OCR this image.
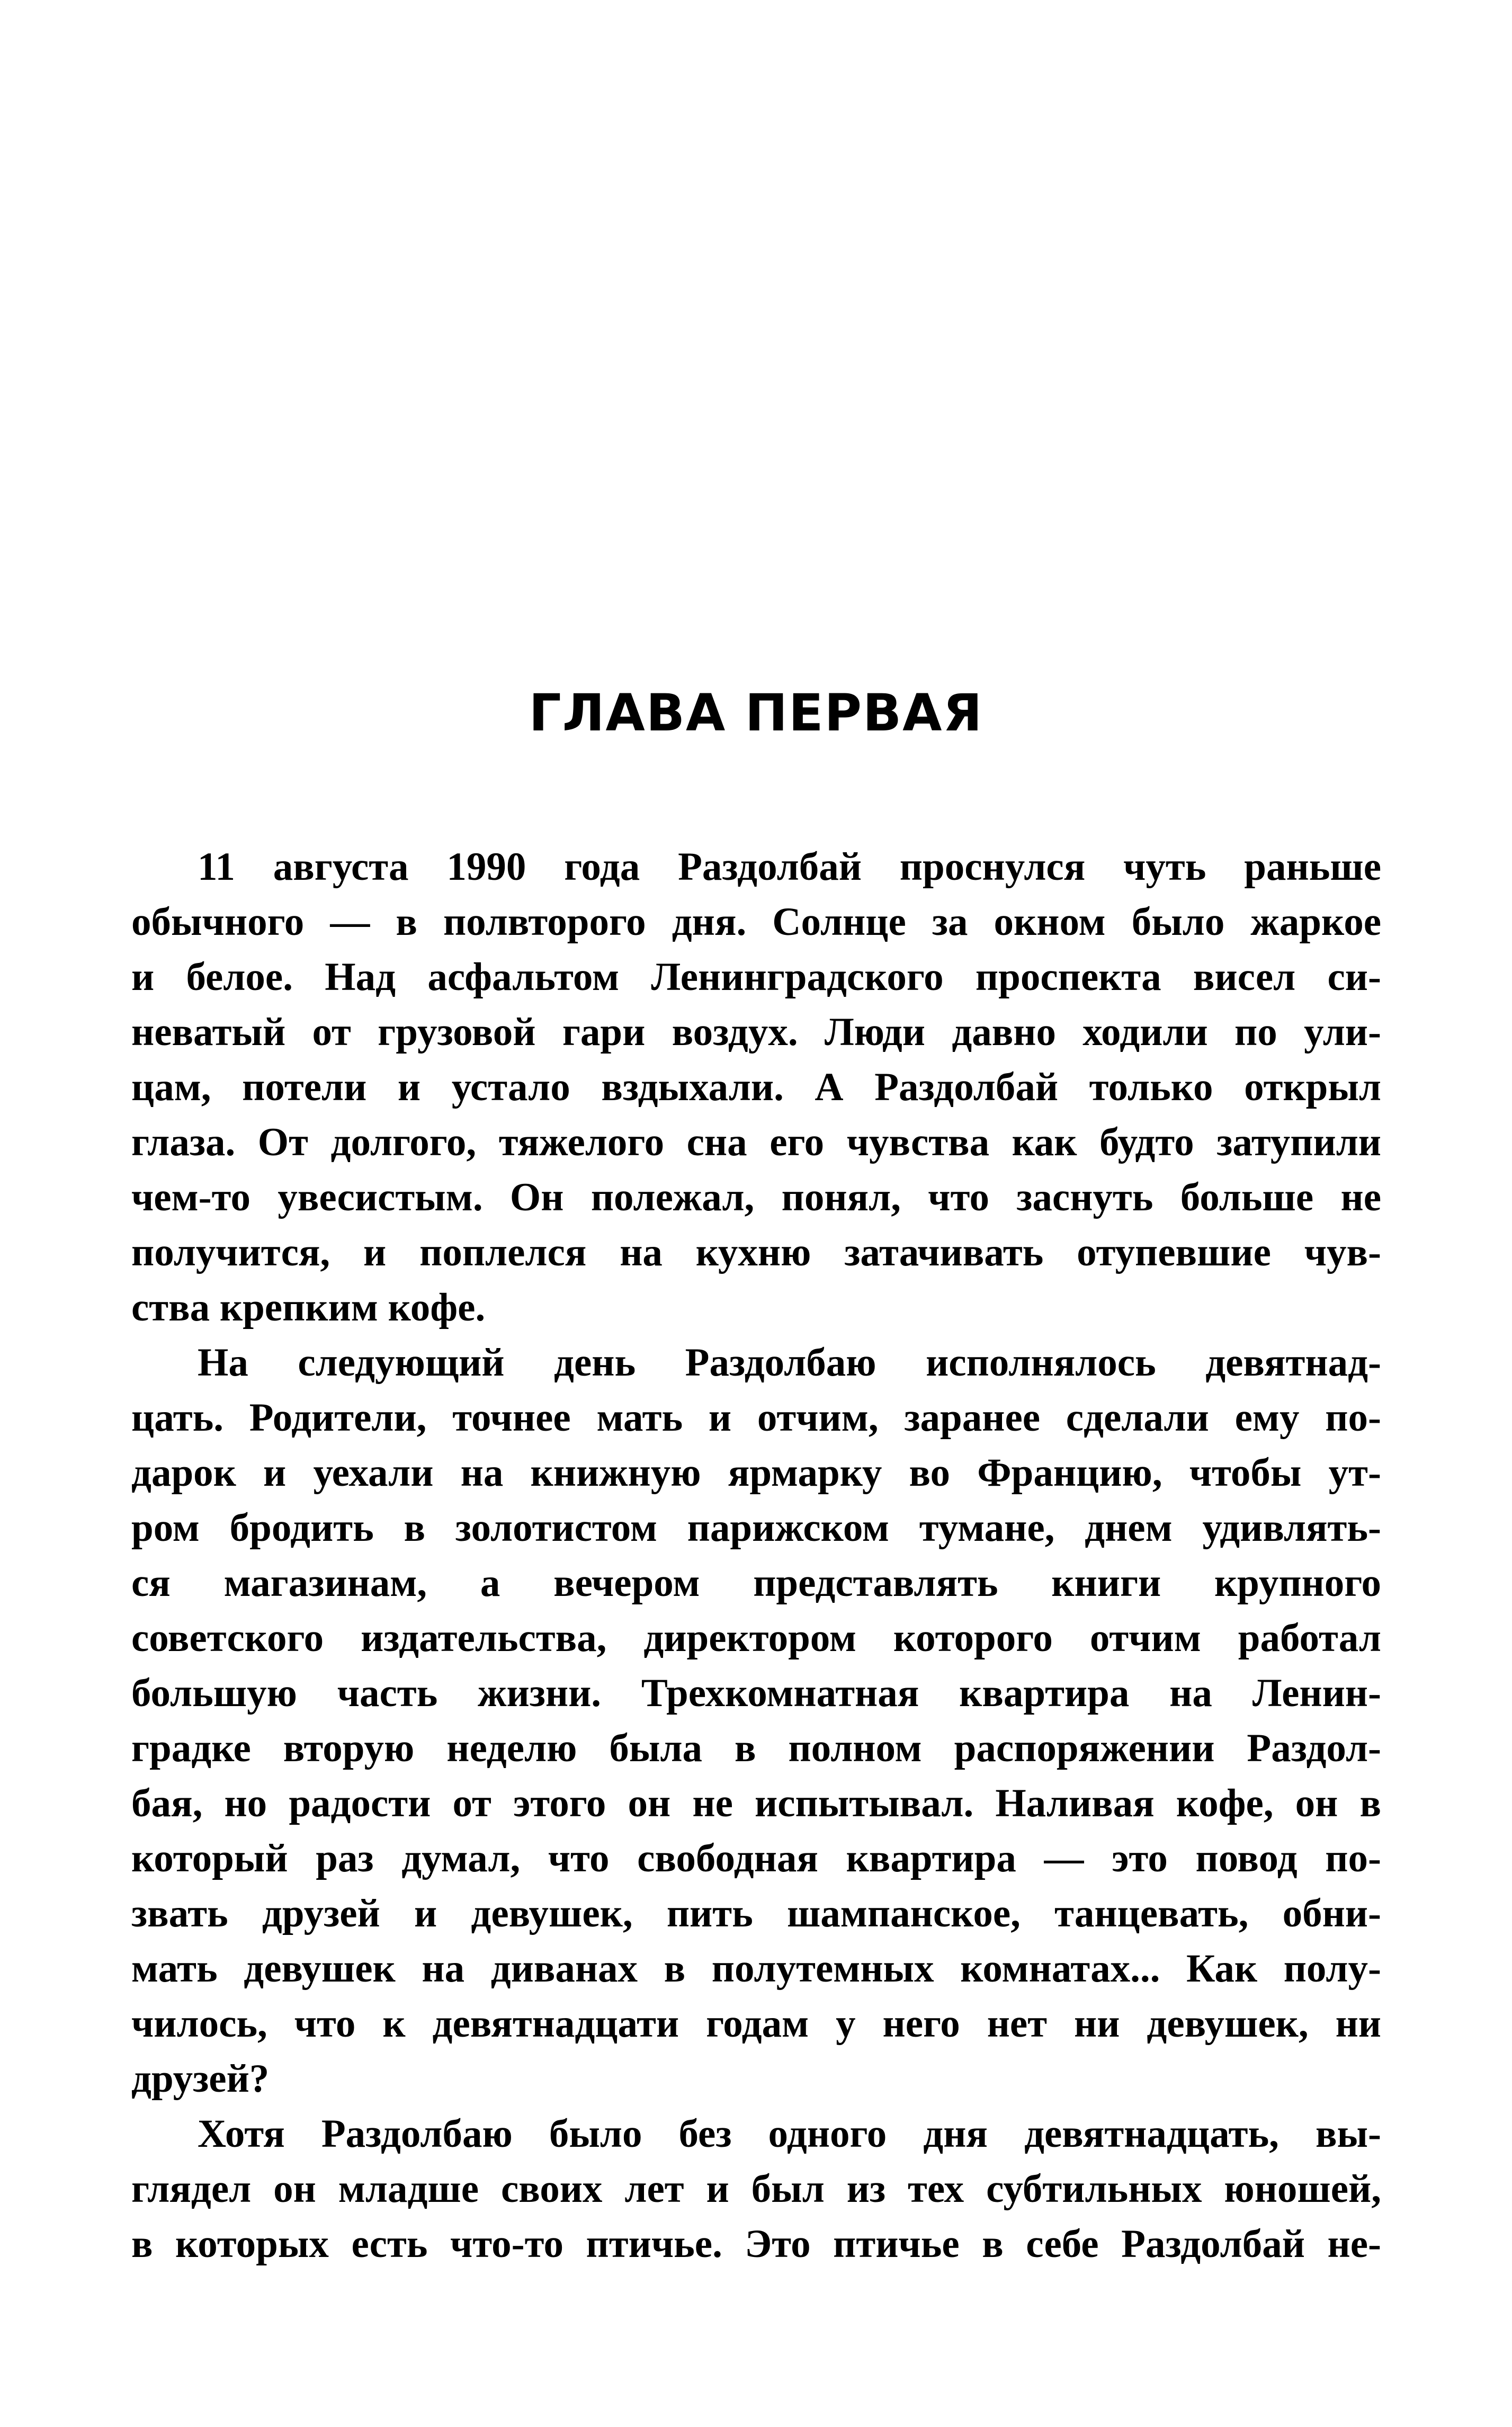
ГЛАВА ПЕРВАЯ
11 августа 1990 года Раздолбай проснулся чуть раньше
обычного — в полвторого дня. Солнце за окном было жаркое
и белое. Над асфальтом Ленинградского проспекта висел си-
неватый от грузовой гари воздух. Люди давно ходили по ули-
цам, потели и устало вздыхали. А Раздолбай только открыл
глаза. От долгого, тяжелого сна его чувства как будто затупили
чем-то увесистым. Он полежал, понял, что заснуть больше не
получится, и поплелся на кухню затачивать отупевшие чув-
ства крепким кофе.
На следующий день Раздолбаю исполнялось девятнад-
цать. Родители, точнее мать и отчим, заранее сделали ему по-
дарок и уехали на книжную ярмарку во Францию, чтобы ут-
ром бродить в золотистом парижском тумане, днем удивлять-
ся магазинам, а вечером представлять книги крупного
советского издательства, директором которого отчим работал
большую часть жизни. Трехкомнатная квартира на Ленин-
градке вторую неделю была в полном распоряжении Раздол-
бая, но радости от этого он не испытывал. Наливая кофе, он в
который раз думал, что свободная квартира — это повод по-
звать друзей и девушек, пить шампанское, танцевать, обни-
мать девушек на диванах в полутемных комнатах... Как полу-
чилось, что к девятнадцати годам у него нет ни девушек, ни
друзей?
Хотя Раздолбаю было без одного дня девятнадцать, вы-
глядел он младше своих лет и был из тех субтильных юношей,
в которых есть что-то птичье. Это птичье в себе Раздолбай не-
